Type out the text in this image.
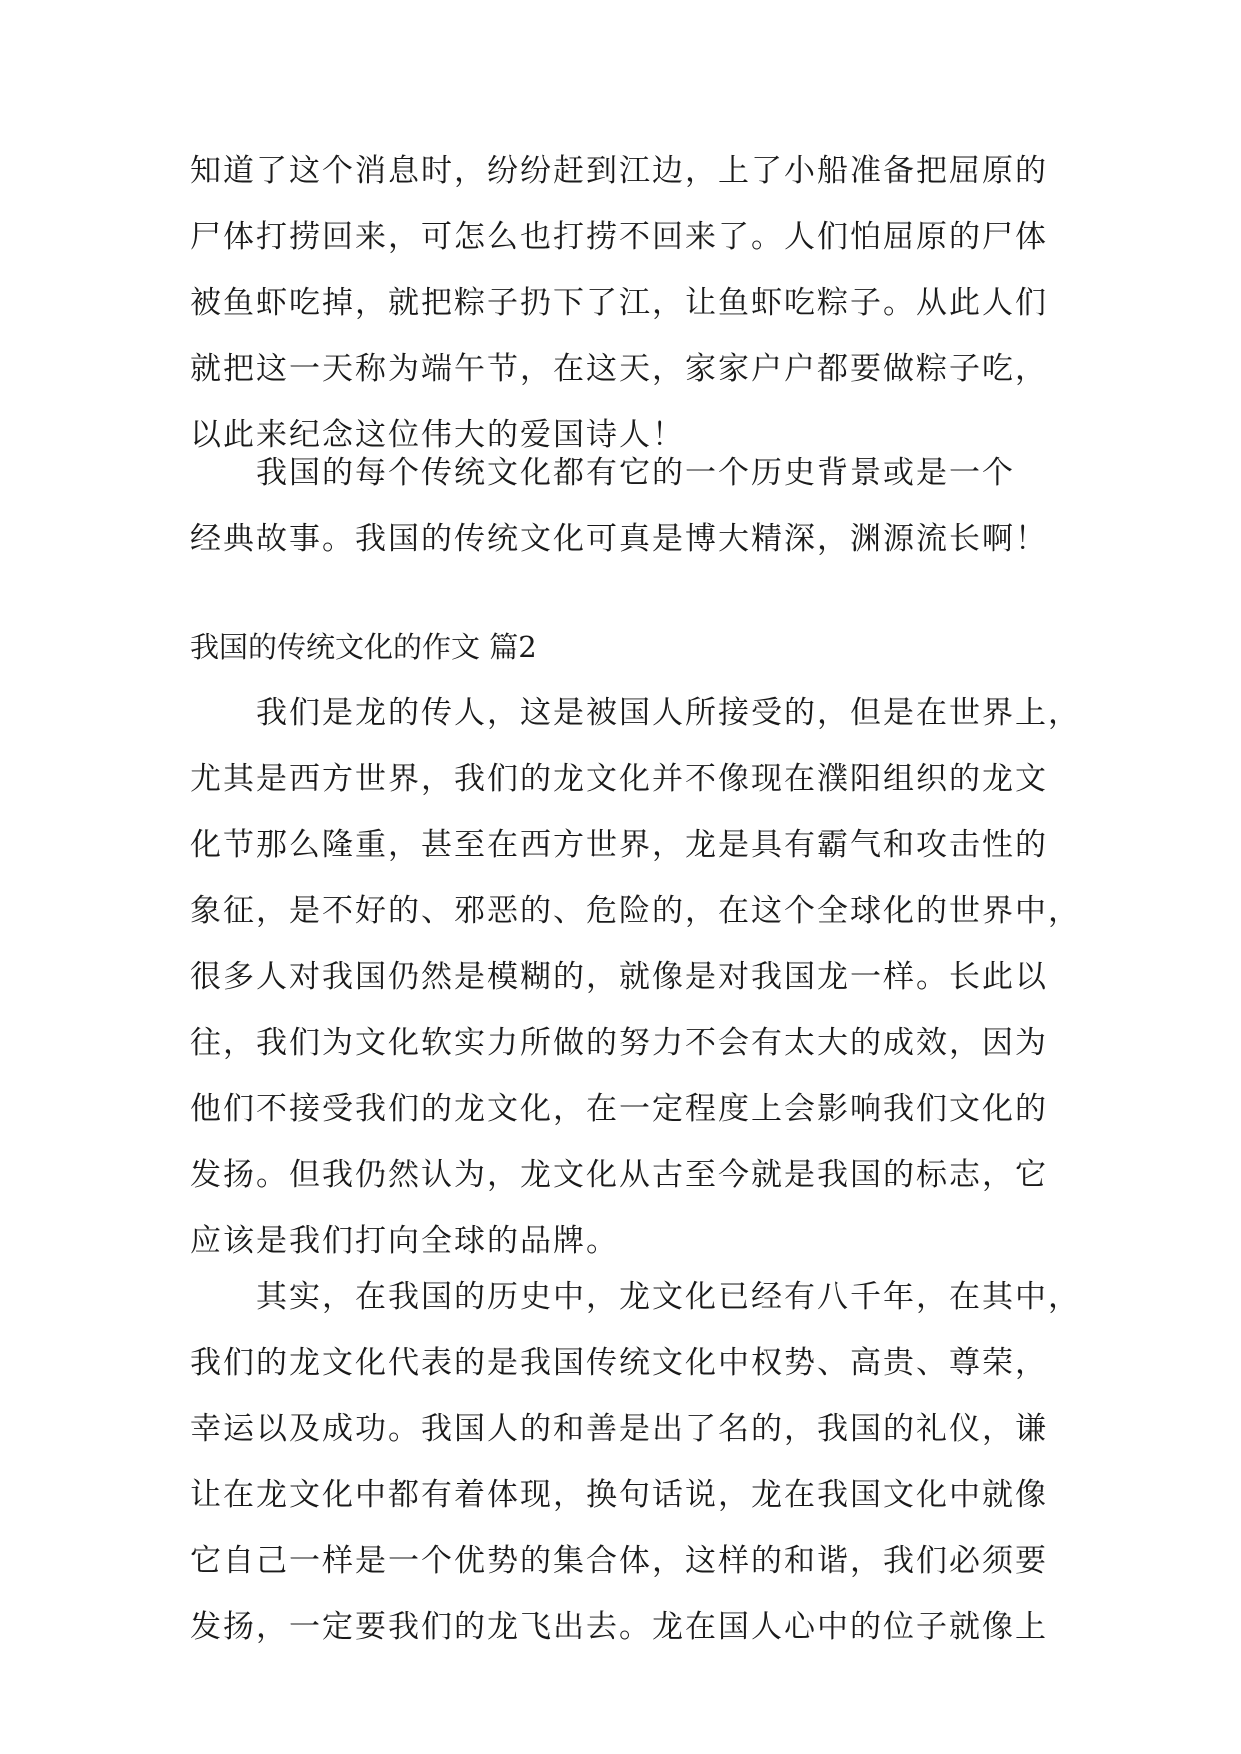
知道了这个消息时，纷纷赶到江边，上了小船准备把屈原的
尸体打捞回来，可怎么也打捞不回来了。人们怕屈原的尸体
被鱼虾吃掉，就把粽子扔下了江，让鱼虾吃粽子。从此人们
就把这一天称为端午节，在这天，家家户户都要做粽子吃，
以此来纪念这位伟大的爱国诗人！
　　我国的每个传统文化都有它的一个历史背景或是一个
经典故事。我国的传统文化可真是博大精深，渊源流长啊！
我国的传统文化的作文 篇2
　　我们是龙的传人，这是被国人所接受的，但是在世界上，
尤其是西方世界，我们的龙文化并不像现在濮阳组织的龙文
化节那么隆重，甚至在西方世界，龙是具有霸气和攻击性的
象征，是不好的、邪恶的、危险的，在这个全球化的世界中，
很多人对我国仍然是模糊的，就像是对我国龙一样。长此以
往，我们为文化软实力所做的努力不会有太大的成效，因为
他们不接受我们的龙文化，在一定程度上会影响我们文化的
发扬。但我仍然认为，龙文化从古至今就是我国的标志，它
应该是我们打向全球的品牌。
　　其实，在我国的历史中，龙文化已经有八千年，在其中，
我们的龙文化代表的是我国传统文化中权势、高贵、尊荣，
幸运以及成功。我国人的和善是出了名的，我国的礼仪，谦
让在龙文化中都有着体现，换句话说，龙在我国文化中就像
它自己一样是一个优势的集合体，这样的和谐，我们必须要
发扬，一定要我们的龙飞出去。龙在国人心中的位子就像上
